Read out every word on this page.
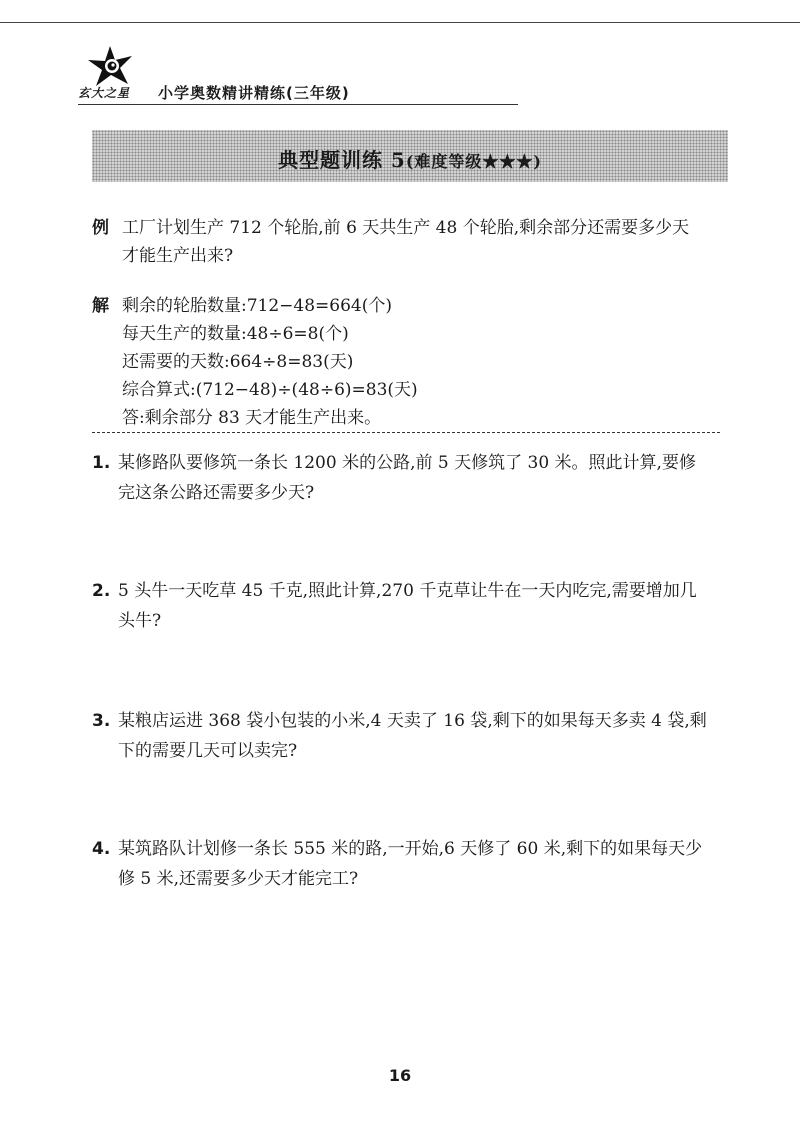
玄大之星 小学奥数精讲精练(三年级)
典型题训练 5(难度等级★★★)
例 工厂计划生产 712 个轮胎,前 6 天共生产 48 个轮胎,剩余部分还需要多少天
才能生产出来?
解 剩余的轮胎数量:712−48=664(个)
每天生产的数量:48÷6=8(个)
还需要的天数:664÷8=83(天)
综合算式:(712−48)÷(48÷6)=83(天)
答:剩余部分 83 天才能生产出来。
1. 某修路队要修筑一条长 1200 米的公路,前 5 天修筑了 30 米。照此计算,要修
完这条公路还需要多少天?
2. 5 头牛一天吃草 45 千克,照此计算,270 千克草让牛在一天内吃完,需要增加几
头牛?
3. 某粮店运进 368 袋小包装的小米,4 天卖了 16 袋,剩下的如果每天多卖 4 袋,剩
下的需要几天可以卖完?
4. 某筑路队计划修一条长 555 米的路,一开始,6 天修了 60 米,剩下的如果每天少
修 5 米,还需要多少天才能完工?
16
